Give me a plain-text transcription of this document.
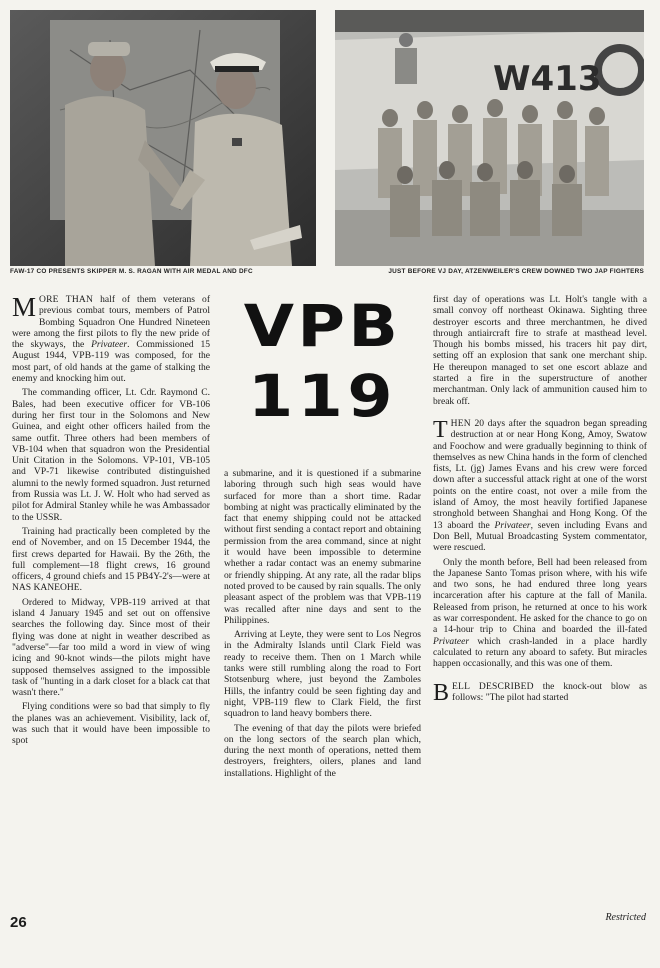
W413
FAW-17 CO PRESENTS SKIPPER M. S. RAGAN WITH AIR MEDAL AND DFC	JUST BEFORE VJ DAY, ATZENWEILER'S CREW DOWNED TWO JAP FIGHTERS

MORE THAN half of them veterans of previous combat tours, members of Patrol Bombing Squadron One Hundred Nineteen were among the first pilots to fly the new pride of the skyways, the Privateer. Commissioned 15 August 1944, VPB-119 was composed, for the most part, of old hands at the game of stalking the enemy and knocking him out.

The commanding officer, Lt. Cdr. Raymond C. Bales, had been executive officer for VB-106 during her first tour in the Solomons and New Guinea, and eight other officers hailed from the same outfit. Three others had been members of VB-104 when that squadron won the Presidential Unit Citation in the Solomons. VP-101, VB-105 and VP-71 likewise contributed distinguished alumni to the newly formed squadron. Just returned from Russia was Lt. J. W. Holt who had served as pilot for Admiral Stanley while he was Ambassador to the USSR.

Training had practically been completed by the end of November, and on 15 December 1944, the first crews departed for Hawaii. By the 26th, the full complement—18 flight crews, 16 ground officers, 4 ground chiefs and 15 PB4Y-2's—were at NAS KANEOHE.

Ordered to Midway, VPB-119 arrived at that island 4 January 1945 and set out on offensive searches the following day. Since most of their flying was done at night in weather described as "adverse"—far too mild a word in view of wing icing and 90-knot winds—the pilots might have supposed themselves assigned to the impossible task of "hunting in a dark closet for a black cat that wasn't there."

Flying conditions were so bad that simply to fly the planes was an achievement. Visibility, lack of, was such that it would have been impossible to spot

VPB
119

a submarine, and it is questioned if a submarine laboring through such high seas would have surfaced for more than a short time. Radar bombing at night was practically eliminated by the fact that enemy shipping could not be attacked without first sending a contact report and obtaining permission from the area command, since at night it would have been impossible to determine whether a radar contact was an enemy submarine or friendly shipping. At any rate, all the radar blips noted proved to be caused by rain squalls. The only pleasant aspect of the problem was that VPB-119 was recalled after nine days and sent to the Philippines.

Arriving at Leyte, they were sent to Los Negros in the Admiralty Islands until Clark Field was ready to receive them. Then on 1 March while tanks were still rumbling along the road to Fort Stotsenburg where, just beyond the Zamboles Hills, the infantry could be seen fighting day and night, VPB-119 flew to Clark Field, the first squadron to land heavy bombers there.

The evening of that day the pilots were briefed on the long sectors of the search plan which, during the next month of operations, netted them destroyers, freighters, oilers, planes and land installations. Highlight of the

first day of operations was Lt. Holt's tangle with a small convoy off northeast Okinawa. Sighting three destroyer escorts and three merchantmen, he dived through antiaircraft fire to strafe at masthead level. Though his bombs missed, his tracers hit pay dirt, setting off an explosion that sank one merchant ship. He thereupon managed to set one escort ablaze and started a fire in the superstructure of another merchantman. Only lack of ammunition caused him to break off.

THEN 20 days after the squadron began spreading destruction at or near Hong Kong, Amoy, Swatow and Foochow and were gradually beginning to think of themselves as new China hands in the form of clenched fists, Lt. (jg) James Evans and his crew were forced down after a successful attack right at one of the worst points on the entire coast, not over a mile from the island of Amoy, the most heavily fortified Japanese stronghold between Shanghai and Hong Kong. Of the 13 aboard the Privateer, seven including Evans and Don Bell, Mutual Broadcasting System commentator, were rescued.

Only the month before, Bell had been released from the Japanese Santo Tomas prison where, with his wife and two sons, he had endured three long years incarceration after his capture at the fall of Manila. Released from prison, he returned at once to his work as war correspondent. He asked for the chance to go on a 14-hour trip to China and boarded the ill-fated Privateer which crash-landed in a place hardly calculated to return any aboard to safety. But miracles happen occasionally, and this was one of them.

BELL DESCRIBED the knock-out blow as follows: "The pilot had started

26	Restricted
